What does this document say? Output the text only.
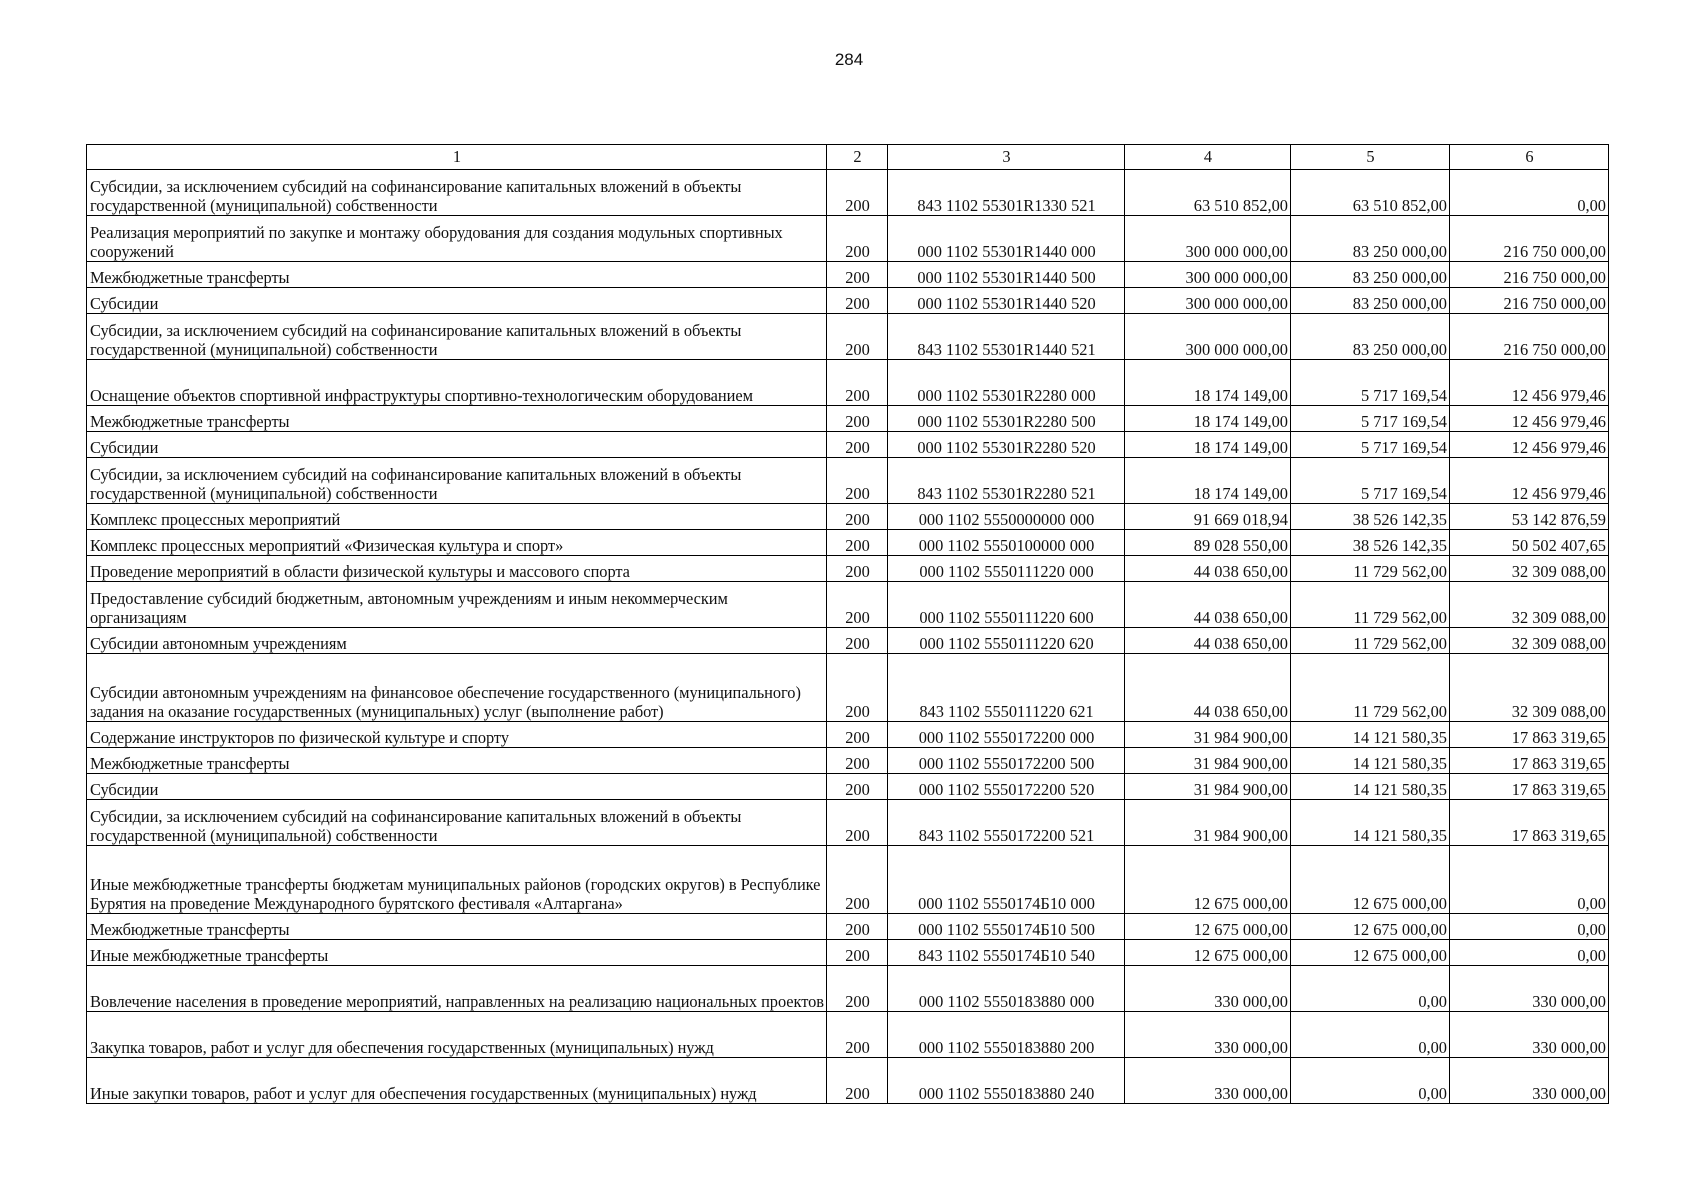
284
1	2	3	4	5	6
Субсидии, за исключением субсидий на софинансирование капитальных вложений в объекты государственной (муниципальной) собственности	200	843 1102 55301R1330 521	63 510 852,00	63 510 852,00	0,00
Реализация мероприятий по закупке и монтажу оборудования для создания модульных спортивных сооружений	200	000 1102 55301R1440 000	300 000 000,00	83 250 000,00	216 750 000,00
Межбюджетные трансферты	200	000 1102 55301R1440 500	300 000 000,00	83 250 000,00	216 750 000,00
Субсидии	200	000 1102 55301R1440 520	300 000 000,00	83 250 000,00	216 750 000,00
Субсидии, за исключением субсидий на софинансирование капитальных вложений в объекты государственной (муниципальной) собственности	200	843 1102 55301R1440 521	300 000 000,00	83 250 000,00	216 750 000,00
Оснащение объектов спортивной инфраструктуры спортивно-технологическим оборудованием	200	000 1102 55301R2280 000	18 174 149,00	5 717 169,54	12 456 979,46
Межбюджетные трансферты	200	000 1102 55301R2280 500	18 174 149,00	5 717 169,54	12 456 979,46
Субсидии	200	000 1102 55301R2280 520	18 174 149,00	5 717 169,54	12 456 979,46
Субсидии, за исключением субсидий на софинансирование капитальных вложений в объекты государственной (муниципальной) собственности	200	843 1102 55301R2280 521	18 174 149,00	5 717 169,54	12 456 979,46
Комплекс процессных мероприятий	200	000 1102 5550000000 000	91 669 018,94	38 526 142,35	53 142 876,59
Комплекс процессных мероприятий «Физическая культура и спорт»	200	000 1102 5550100000 000	89 028 550,00	38 526 142,35	50 502 407,65
Проведение мероприятий в области физической культуры и массового спорта	200	000 1102 5550111220 000	44 038 650,00	11 729 562,00	32 309 088,00
Предоставление субсидий бюджетным, автономным учреждениям и иным некоммерческим организациям	200	000 1102 5550111220 600	44 038 650,00	11 729 562,00	32 309 088,00
Субсидии автономным учреждениям	200	000 1102 5550111220 620	44 038 650,00	11 729 562,00	32 309 088,00
Субсидии автономным учреждениям на финансовое обеспечение государственного (муниципального) задания на оказание государственных (муниципальных) услуг (выполнение работ)	200	843 1102 5550111220 621	44 038 650,00	11 729 562,00	32 309 088,00
Содержание инструкторов по физической культуре и спорту	200	000 1102 5550172200 000	31 984 900,00	14 121 580,35	17 863 319,65
Межбюджетные трансферты	200	000 1102 5550172200 500	31 984 900,00	14 121 580,35	17 863 319,65
Субсидии	200	000 1102 5550172200 520	31 984 900,00	14 121 580,35	17 863 319,65
Субсидии, за исключением субсидий на софинансирование капитальных вложений в объекты государственной (муниципальной) собственности	200	843 1102 5550172200 521	31 984 900,00	14 121 580,35	17 863 319,65
Иные межбюджетные трансферты бюджетам муниципальных районов (городских округов) в Республике Бурятия на проведение Международного бурятского фестиваля «Алтаргана»	200	000 1102 5550174Б10 000	12 675 000,00	12 675 000,00	0,00
Межбюджетные трансферты	200	000 1102 5550174Б10 500	12 675 000,00	12 675 000,00	0,00
Иные межбюджетные трансферты	200	843 1102 5550174Б10 540	12 675 000,00	12 675 000,00	0,00
Вовлечение населения в проведение мероприятий, направленных на реализацию национальных проектов	200	000 1102 5550183880 000	330 000,00	0,00	330 000,00
Закупка товаров, работ и услуг для обеспечения государственных (муниципальных) нужд	200	000 1102 5550183880 200	330 000,00	0,00	330 000,00
Иные закупки товаров, работ и услуг для обеспечения государственных (муниципальных) нужд	200	000 1102 5550183880 240	330 000,00	0,00	330 000,00
